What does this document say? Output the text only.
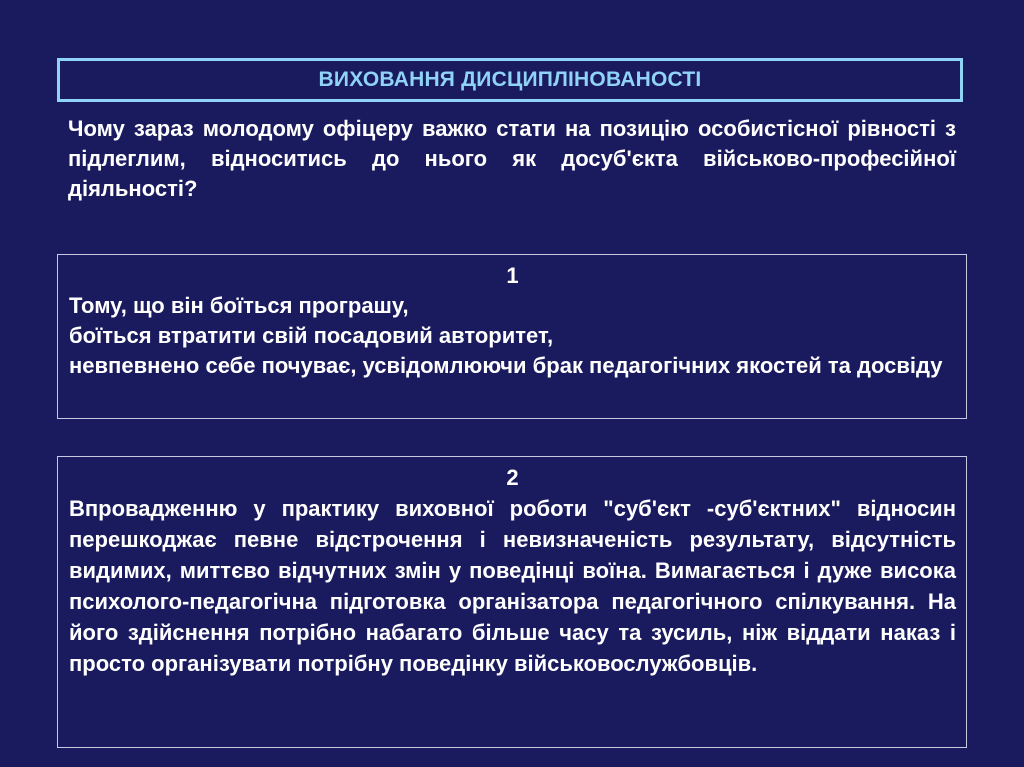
ВИХОВАННЯ ДИСЦИПЛІНОВАНОСТІ
Чому зараз молодому офіцеру важко стати на позицію особистісної рівності з підлеглим, відноситись до нього як досуб'єкта військово-професійної діяльності?
1
Тому, що він боїться програшу,
боїться втратити свій посадовий авторитет,
невпевнено себе почуває, усвідомлюючи брак педагогічних якостей та досвіду
2
Впровадженню у практику виховної роботи "суб'єкт -суб'єктних" відносин перешкоджає певне відстрочення і невизначеність результату, відсутність видимих, миттєво відчутних змін у поведінці воїна. Вимагається і дуже висока психолого-педагогічна підготовка організатора педагогічного спілкування. На його здійснення потрібно набагато більше часу та зусиль, ніж віддати наказ і просто організувати потрібну поведінку військовослужбовців.
